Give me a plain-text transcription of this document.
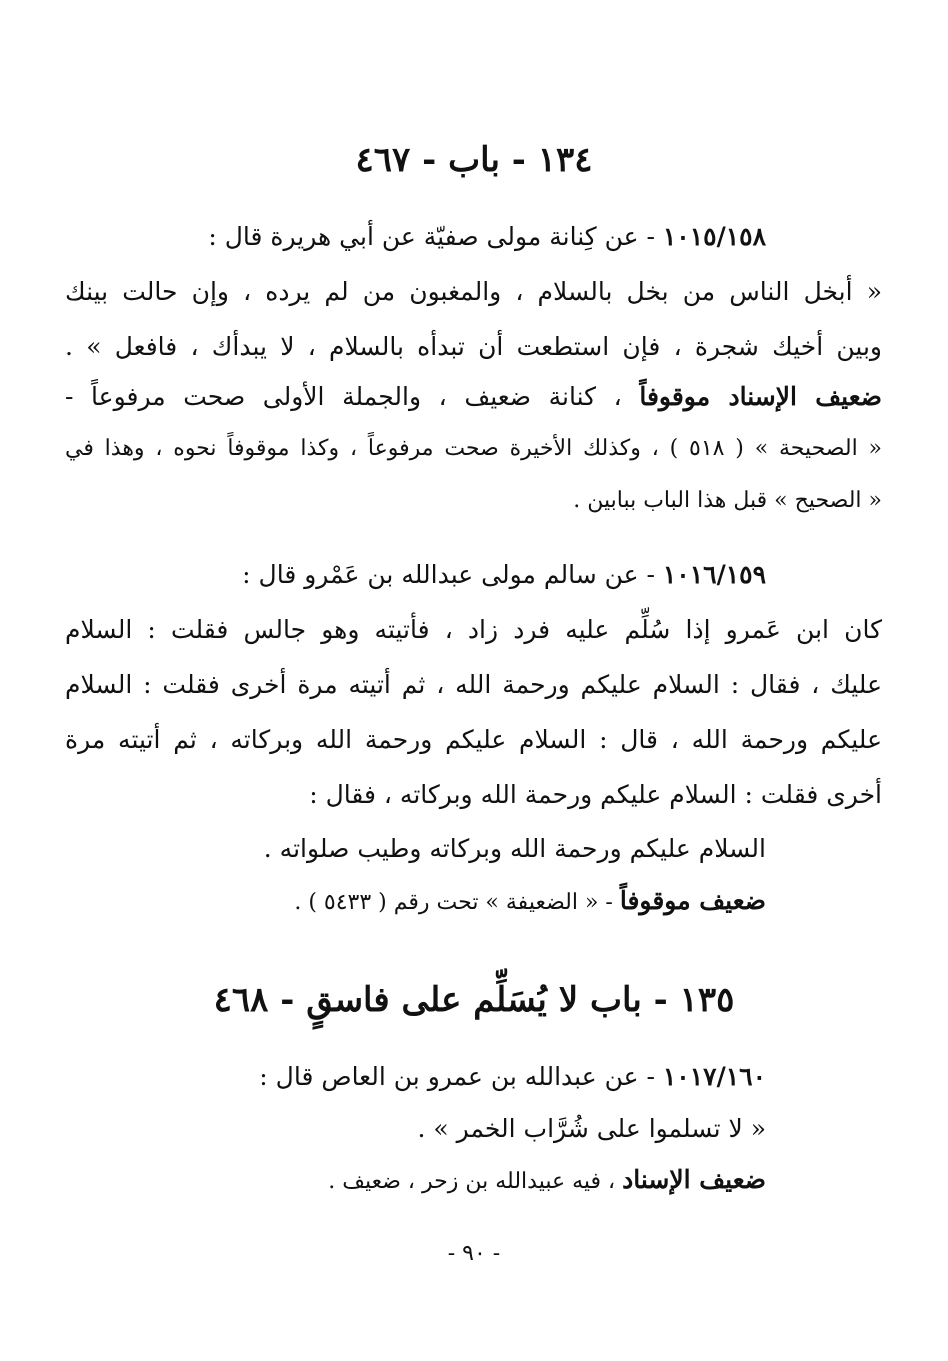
١٣٤ - باب - ٤٦٧
١٠١٥/١٥٨ - عن كِنانة مولى صفيّة عن أبي هريرة قال :
« أبخل الناس من بخل بالسلام ، والمغبون من لم يرده ، وإن حالت بينك
وبين أخيك شجرة ، فإن استطعت أن تبدأه بالسلام ، لا يبدأك ، فافعل » .
ضعيف الإسناد موقوفاً ، كنانة ضعيف ، والجملة الأولى صحت مرفوعاً -
« الصحيحة » ( ٥١٨ ) ، وكذلك الأخيرة صحت مرفوعاً ، وكذا موقوفاً نحوه ، وهذا في
« الصحيح » قبل هذا الباب ببابين .
١٠١٦/١٥٩ - عن سالم مولى عبدالله بن عَمْرو قال :
كان ابن عَمرو إذا سُلِّم عليه فرد زاد ، فأتيته وهو جالس فقلت : السلام
عليك ، فقال : السلام عليكم ورحمة الله ، ثم أتيته مرة أخرى فقلت : السلام
عليكم ورحمة الله ، قال : السلام عليكم ورحمة الله وبركاته ، ثم أتيته مرة
أخرى فقلت : السلام عليكم ورحمة الله وبركاته ، فقال :
السلام عليكم ورحمة الله وبركاته وطيب صلواته .
ضعيف موقوفاً - « الضعيفة » تحت رقم ( ٥٤٣٣ ) .
١٣٥ - باب لا يُسَلِّم على فاسقٍ - ٤٦٨
١٠١٧/١٦٠ - عن عبدالله بن عمرو بن العاص قال :
« لا تسلموا على شُرَّاب الخمر » .
ضعيف الإسناد ، فيه عبيدالله بن زحر ، ضعيف .
- ٩٠ -
